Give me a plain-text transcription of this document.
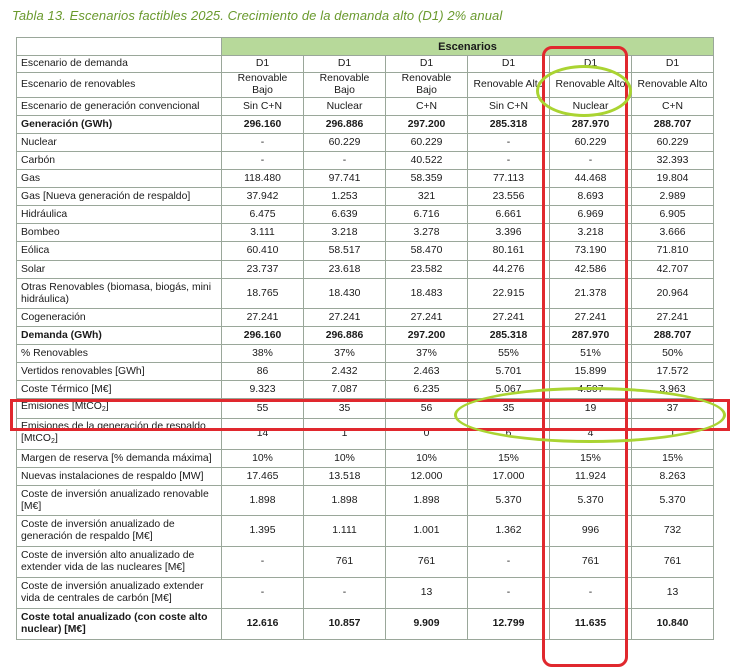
Tabla 13. Escenarios factibles 2025. Crecimiento de la demanda alto (D1) 2% anual
	Escenarios					
Escenario de demanda	D1	D1	D1	D1	D1	D1
Escenario de renovables	Renovable Bajo	Renovable Bajo	Renovable Bajo	Renovable Alto	Renovable Alto	Renovable Alto
Escenario de generación convencional	Sin C+N	Nuclear	C+N	Sin C+N	Nuclear	C+N
Generación (GWh)	296.160	296.886	297.200	285.318	287.970	288.707
Nuclear	-	60.229	60.229	-	60.229	60.229
Carbón	-	-	40.522	-	-	32.393
Gas	118.480	97.741	58.359	77.113	44.468	19.804
Gas [Nueva generación de respaldo]	37.942	1.253	321	23.556	8.693	2.989
Hidráulica	6.475	6.639	6.716	6.661	6.969	6.905
Bombeo	3.111	3.218	3.278	3.396	3.218	3.666
Eólica	60.410	58.517	58.470	80.161	73.190	71.810
Solar	23.737	23.618	23.582	44.276	42.586	42.707
Otras Renovables (biomasa, biogás, mini hidráulica)	18.765	18.430	18.483	22.915	21.378	20.964
Cogeneración	27.241	27.241	27.241	27.241	27.241	27.241
Demanda (GWh)	296.160	296.886	297.200	285.318	287.970	288.707
% Renovables	38%	37%	37%	55%	51%	50%
Vertidos renovables [GWh]	86	2.432	2.463	5.701	15.899	17.572
Coste Térmico [M€]	9.323	7.087	6.235	5.067	4.507	3.963
Emisiones [MtCO$_2$]	55	35	56	35	19	37
Emisiones de la generación de respaldo [MtCO$_2$]	14	1	0	6	4	1
Margen de reserva [% demanda máxima]	10%	10%	10%	15%	15%	15%
Nuevas instalaciones de respaldo [MW]	17.465	13.518	12.000	17.000	11.924	8.263
Coste de inversión anualizado renovable [M€]	1.898	1.898	1.898	5.370	5.370	5.370
Coste de inversión anualizado de generación de respaldo [M€]	1.395	1.111	1.001	1.362	996	732
Coste de inversión alto anualizado de extender vida de las nucleares [M€]	-	761	761	-	761	761
Coste de inversión anualizado extender vida de centrales de carbón [M€]	-	-	13	-	-	13
Coste total anualizado (con coste alto nuclear) [M€]	12.616	10.857	9.909	12.799	11.635	10.840
